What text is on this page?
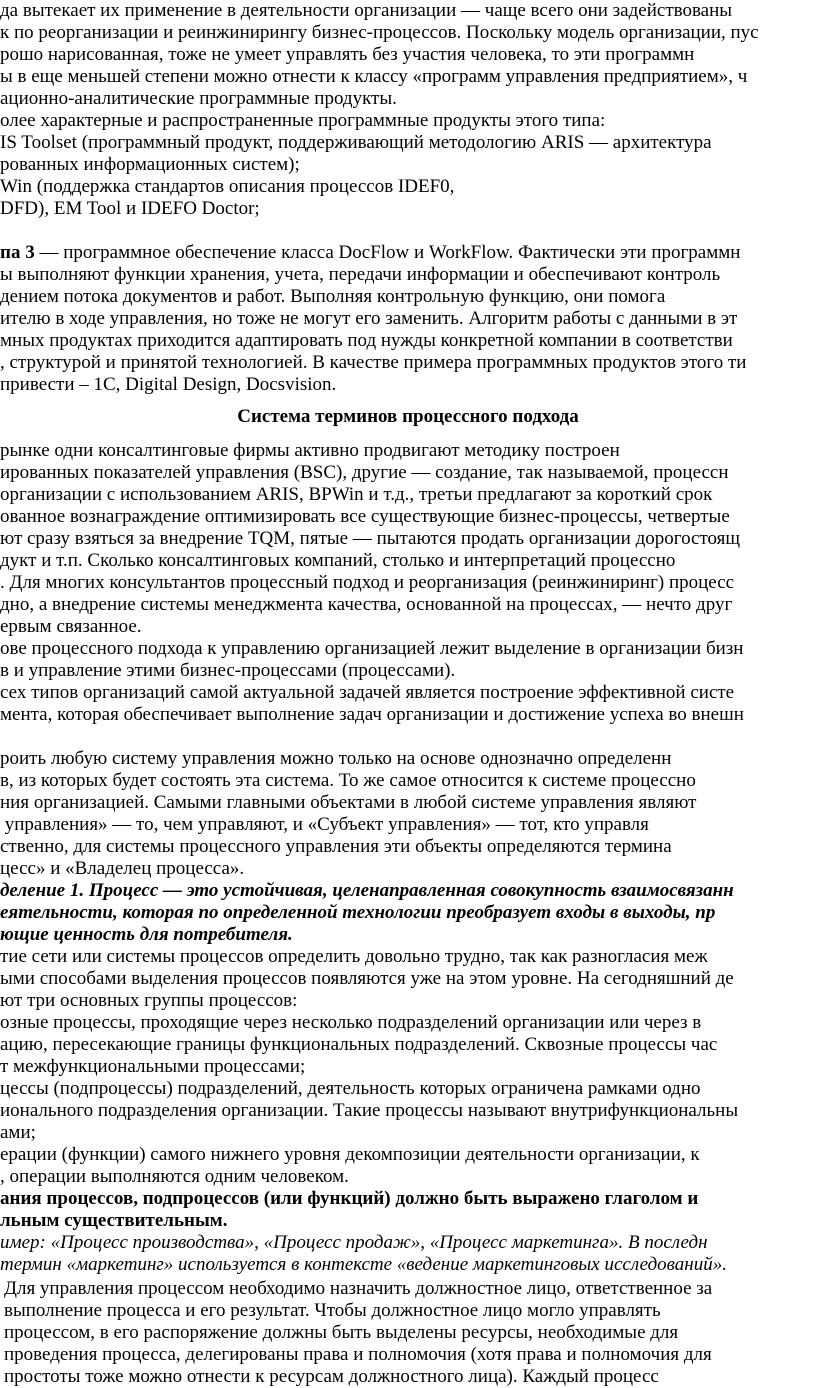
да вытекает их применение в деятельности организации — чаще всего они задействованы
к по реорганизации и реинжинирингу бизнес-процессов. Поскольку модель организации, пус
рошо нарисованная, тоже не умеет управлять без участия человека, то эти программн
ы в еще меньшей степени можно отнести к классу «программ управления предприятием», ч
ационно-аналитические программные продукты.
олее характерные и распространенные программные продукты этого типа:
IS Toolset (программный продукт, поддерживающий методологию ARIS — архитектура
рованных информационных систем);
Win (поддержка стандартов описания процессов IDEF0,
DFD), EM Tool и IDEFO Doctor;
па 3 — программное обеспечение класса DocFlow и WorkFlow. Фактически эти программн
ы выполняют функции хранения, учета, передачи информации и обеспечивают контроль
дением потока документов и работ. Выполняя контрольную функцию, они помога
ителю в ходе управления, но тоже не могут его заменить. Алгоритм работы с данными в эт
мных продуктах приходится адаптировать под нужды конкретной компании в соответстви
, структурой и принятой технологией. В качестве примера программных продуктов этого ти
привести – 1С, Digital Design, Docsvision.
Система терминов процессного подхода
рынке одни консалтинговые фирмы активно продвигают методику построен
ированных показателей управления (BSC), другие — создание, так называемой, процессн
организации с использованием ARIS, BPWin и т.д., третьи предлагают за короткий срок
ованное вознаграждение оптимизировать все существующие бизнес-процессы, четвертые
ют сразу взяться за внедрение TQM, пятые — пытаются продать организации дорогостоящ
дукт и т.п. Сколько консалтинговых компаний, столько и интерпретаций процессно
. Для многих консультантов процессный подход и реорганизация (реинжиниринг) процесс
дно, а внедрение системы менеджмента качества, основанной на процессах, — нечто друг
ервым связанное.
ове процессного подхода к управлению организацией лежит выделение в организации бизн
в и управление этими бизнес-процессами (процессами).
сех типов организаций самой актуальной задачей является построение эффективной систе
мента, которая обеспечивает выполнение задач организации и достижение успеха во внешн
роить любую систему управления можно только на основе однозначно определенн
в, из которых будет состоять эта система. То же самое относится к системе процессно
ния организацией. Самыми главными объектами в любой системе управления являют
управления» — то, чем управляют, и «Субъект управления» — тот, кто управля
ственно, для системы процессного управления эти объекты определяются термина
цесс» и «Владелец процесса».
деление 1. Процесс — это устойчивая, целенаправленная совокупность взаимосвязанн
еятельности, которая по определенной технологии преобразует входы в выходы, пр
ющие ценность для потребителя.
тие сети или системы процессов определить довольно трудно, так как разногласия меж
ыми способами выделения процессов появляются уже на этом уровне. На сегодняшний де
ют три основных группы процессов:
озные процессы, проходящие через несколько подразделений организации или через в
ацию, пересекающие границы функциональных подразделений. Сквозные процессы час
т межфункциональными процессами;
цессы (подпроцессы) подразделений, деятельность которых ограничена рамками одно
ионального подразделения организации. Такие процессы называют внутрифункциональны
ами;
ерации (функции) самого нижнего уровня декомпозиции деятельности организации, к
, операции выполняются одним человеком.
ания процессов, подпроцессов (или функций) должно быть выражено глаголом и
льным существительным.
имер: «Процесс производства», «Процесс продаж», «Процесс маркетинга». В последн
термин «маркетинг» используется в контексте «ведение маркетинговых исследований».
Для управления процессом необходимо назначить должностное лицо, ответственное за
выполнение процесса и его результат. Чтобы должностное лицо могло управлять
процессом, в его распоряжение должны быть выделены ресурсы, необходимые для
проведения процесса, делегированы права и полномочия (хотя права и полномочия для
простоты тоже можно отнести к ресурсам должностного лица). Каждый процесс
